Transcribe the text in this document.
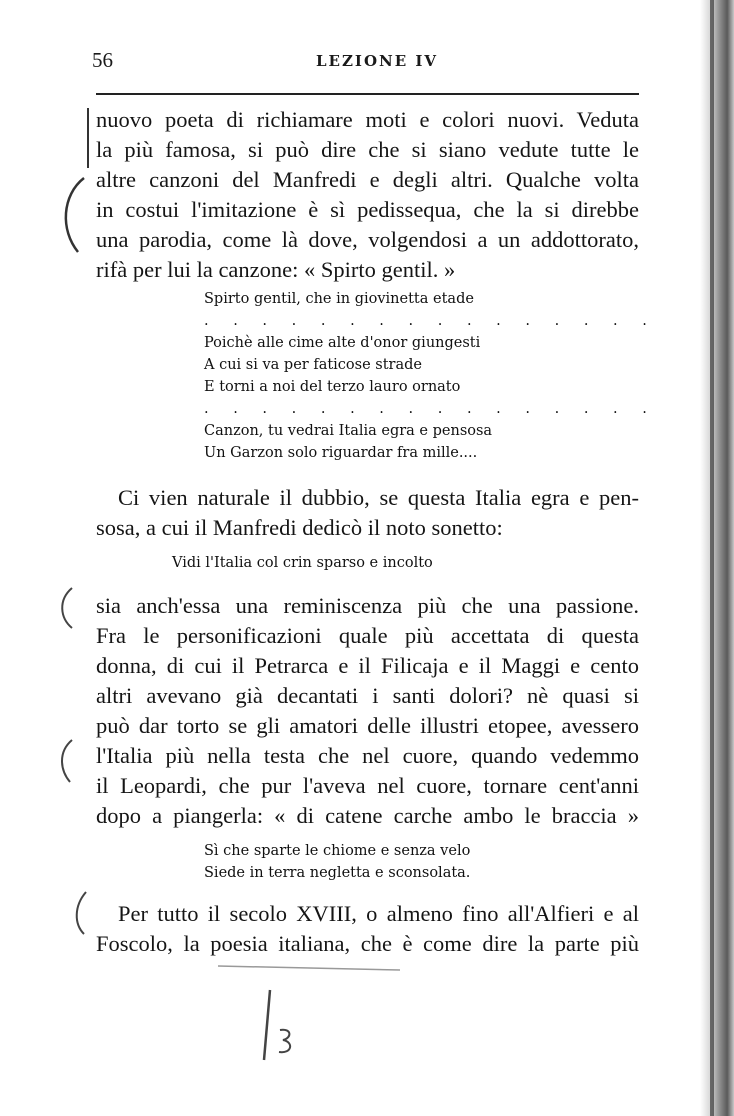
56	LEZIONE IV
nuovo poeta di richiamare moti e colori nuovi. Veduta
la più famosa, si può dire che si siano vedute tutte le
altre canzoni del Manfredi e degli altri. Qualche volta
in costui l'imitazione è sì pedissequa, che la si direbbe
una parodia, come là dove, volgendosi a un addottorato,
rifà per lui la canzone: « Spirto gentil. »
Spirto gentil, che in giovinetta etade
. . . . . . . . . . . . . . . .
Poichè alle cime alte d'onor giungesti
A cui si va per faticose strade
E torni a noi del terzo lauro ornato
. . . . . . . . . . . . . . . .
Canzon, tu vedrai Italia egra e pensosa
Un Garzon solo riguardar fra mille....
Ci vien naturale il dubbio, se questa Italia egra e pen-
sosa, a cui il Manfredi dedicò il noto sonetto:
Vidi l'Italia col crin sparso e incolto
sia anch'essa una reminiscenza più che una passione.
Fra le personificazioni quale più accettata di questa
donna, di cui il Petrarca e il Filicaja e il Maggi e cento
altri avevano già decantati i santi dolori? nè quasi si
può dar torto se gli amatori delle illustri etopee, avessero
l'Italia più nella testa che nel cuore, quando vedemmo
il Leopardi, che pur l'aveva nel cuore, tornare cent'anni
dopo a piangerla: « di catene carche ambo le braccia »
Sì che sparte le chiome e senza velo
Siede in terra negletta e sconsolata.
Per tutto il secolo XVIII, o almeno fino all'Alfieri e al
Foscolo, la poesia italiana, che è come dire la parte più
